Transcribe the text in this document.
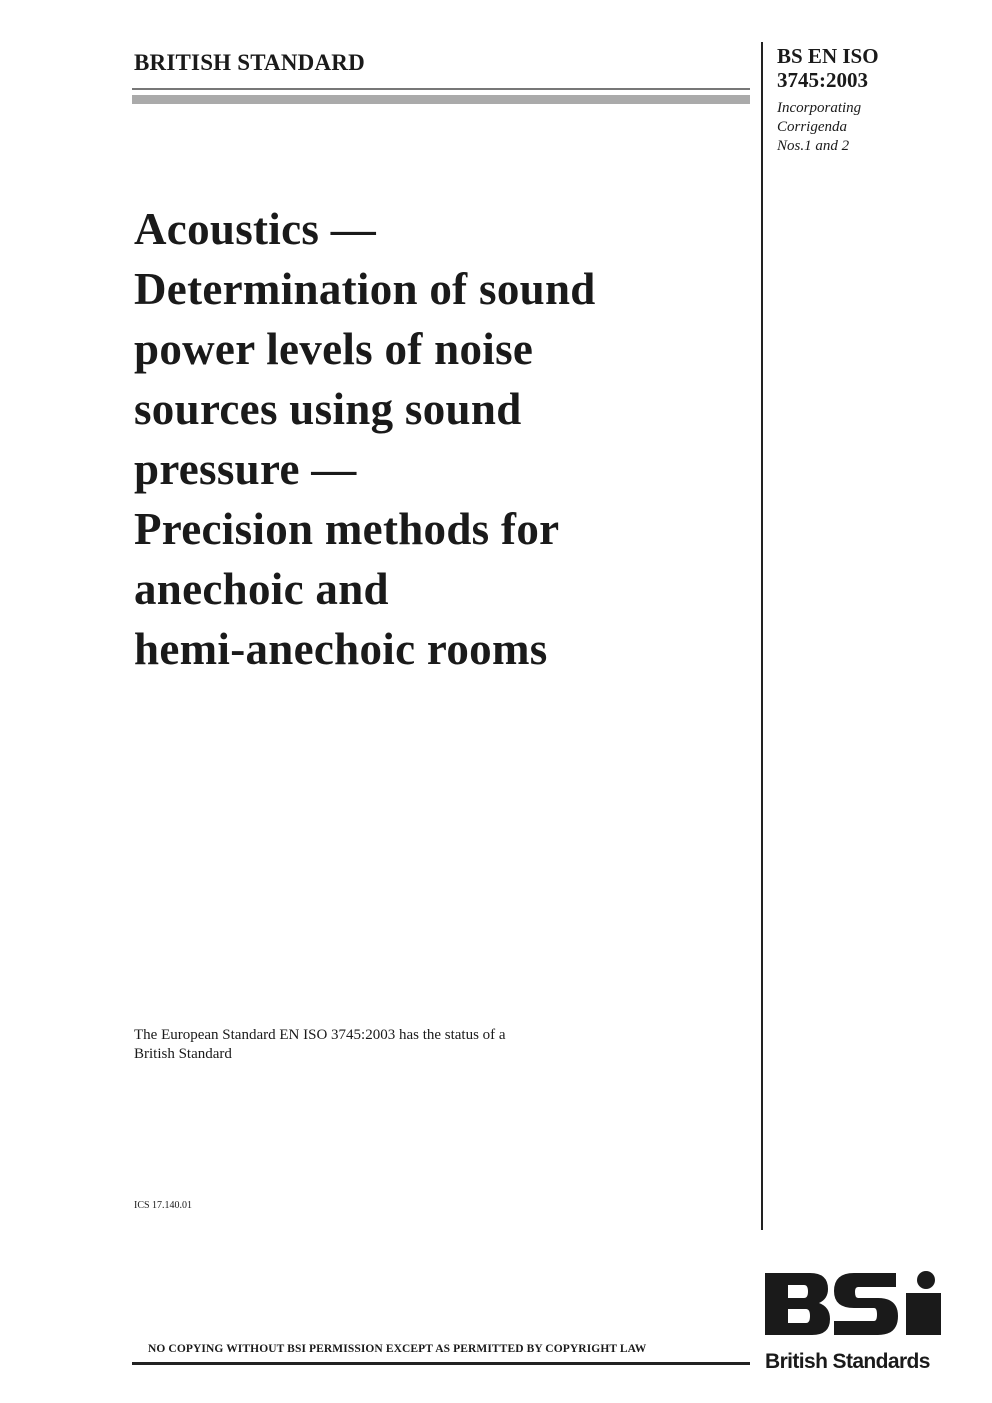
BRITISH STANDARD	BS EN ISO
3745:2003
Incorporating
Corrigenda
Nos.1 and 2
Acoustics —
Determination of sound
power levels of noise
sources using sound
pressure —
Precision methods for
anechoic and
hemi-anechoic rooms
The European Standard EN ISO 3745:2003 has the status of a
British Standard
ICS 17.140.01
NO COPYING WITHOUT BSI PERMISSION EXCEPT AS PERMITTED BY COPYRIGHT LAW
British Standards
